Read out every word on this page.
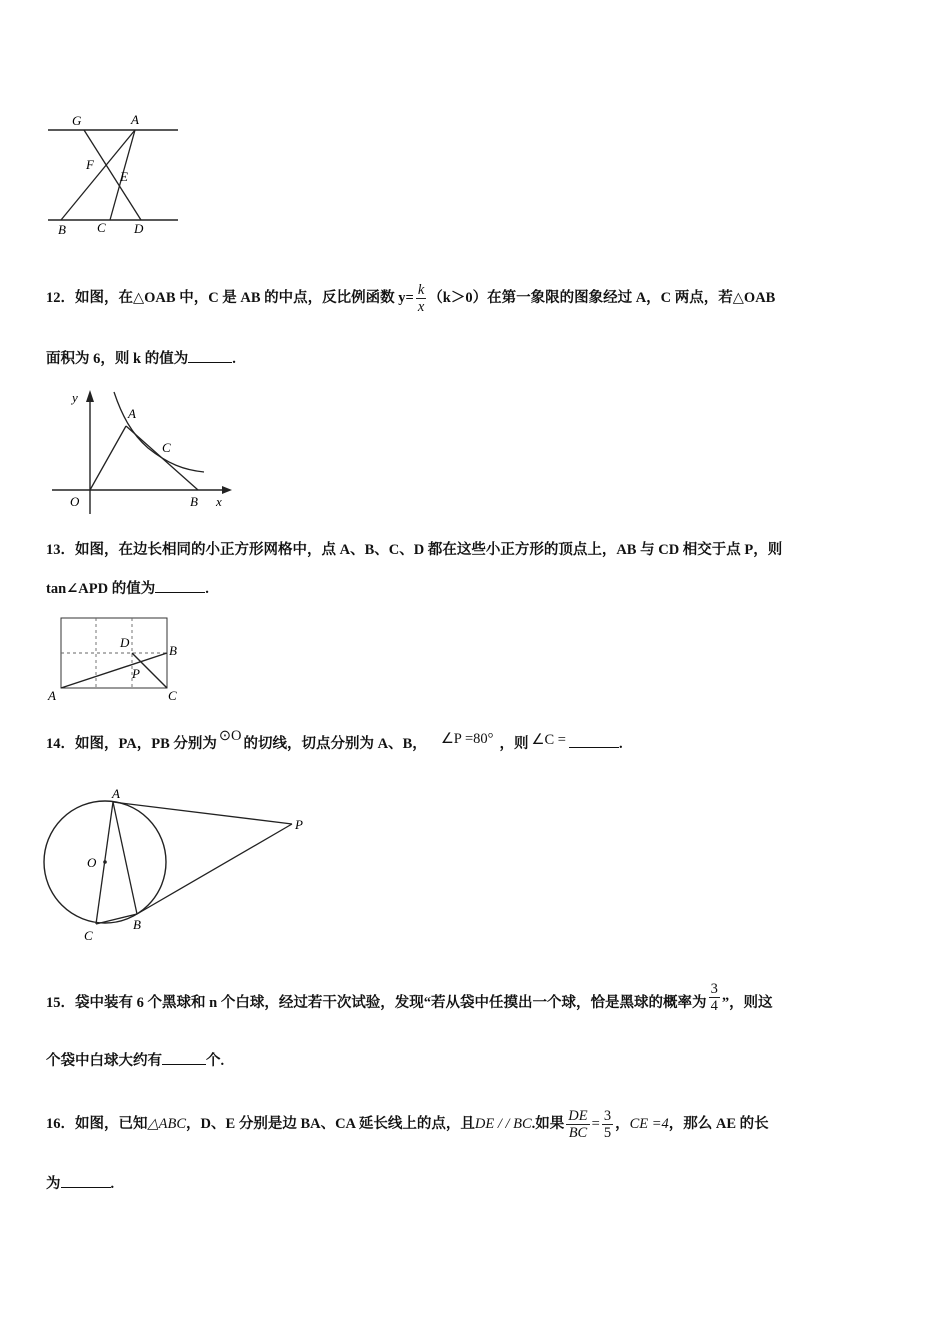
G	A
F
E
B C D
12．如图，在△OAB 中，C 是 AB 的中点，反比例函数 $y= \frac{k}{x} (k>0)$在第一象限的图象经过 A，C 两点，若△OAB
面积为 6，则 k 的值为	.
y
x
O
A
C
B
13．如图，在边长相同的小正方形网格中，点 A、B、C、D 都在这些小正方形的顶点上，AB 与 CD 相交于点 P，则
tan∠APD 的值为	.
D
B
P
A	C
14．如图，PA，PB 分别为 ⊙O 的切线，切点分别为 A、B， ∠P =80° ，则 ∠C =	.
A
P
O
C
B
15．袋中装有 6 个黑球和 n 个白球，经过若干次试验，发现“若从袋中任摸出一个球，恰是黑球的概率为 $\frac{3}{4}$ ”，则这
个袋中白球大约有	个.
16．如图，已知△ABC，D、E 分别是边 BA、CA 延长线上的点，且DE / / BC.如果 $\frac{DE}{BC} = \frac{3}{5}$ ，CE =4，那么 AE 的长
为	.
